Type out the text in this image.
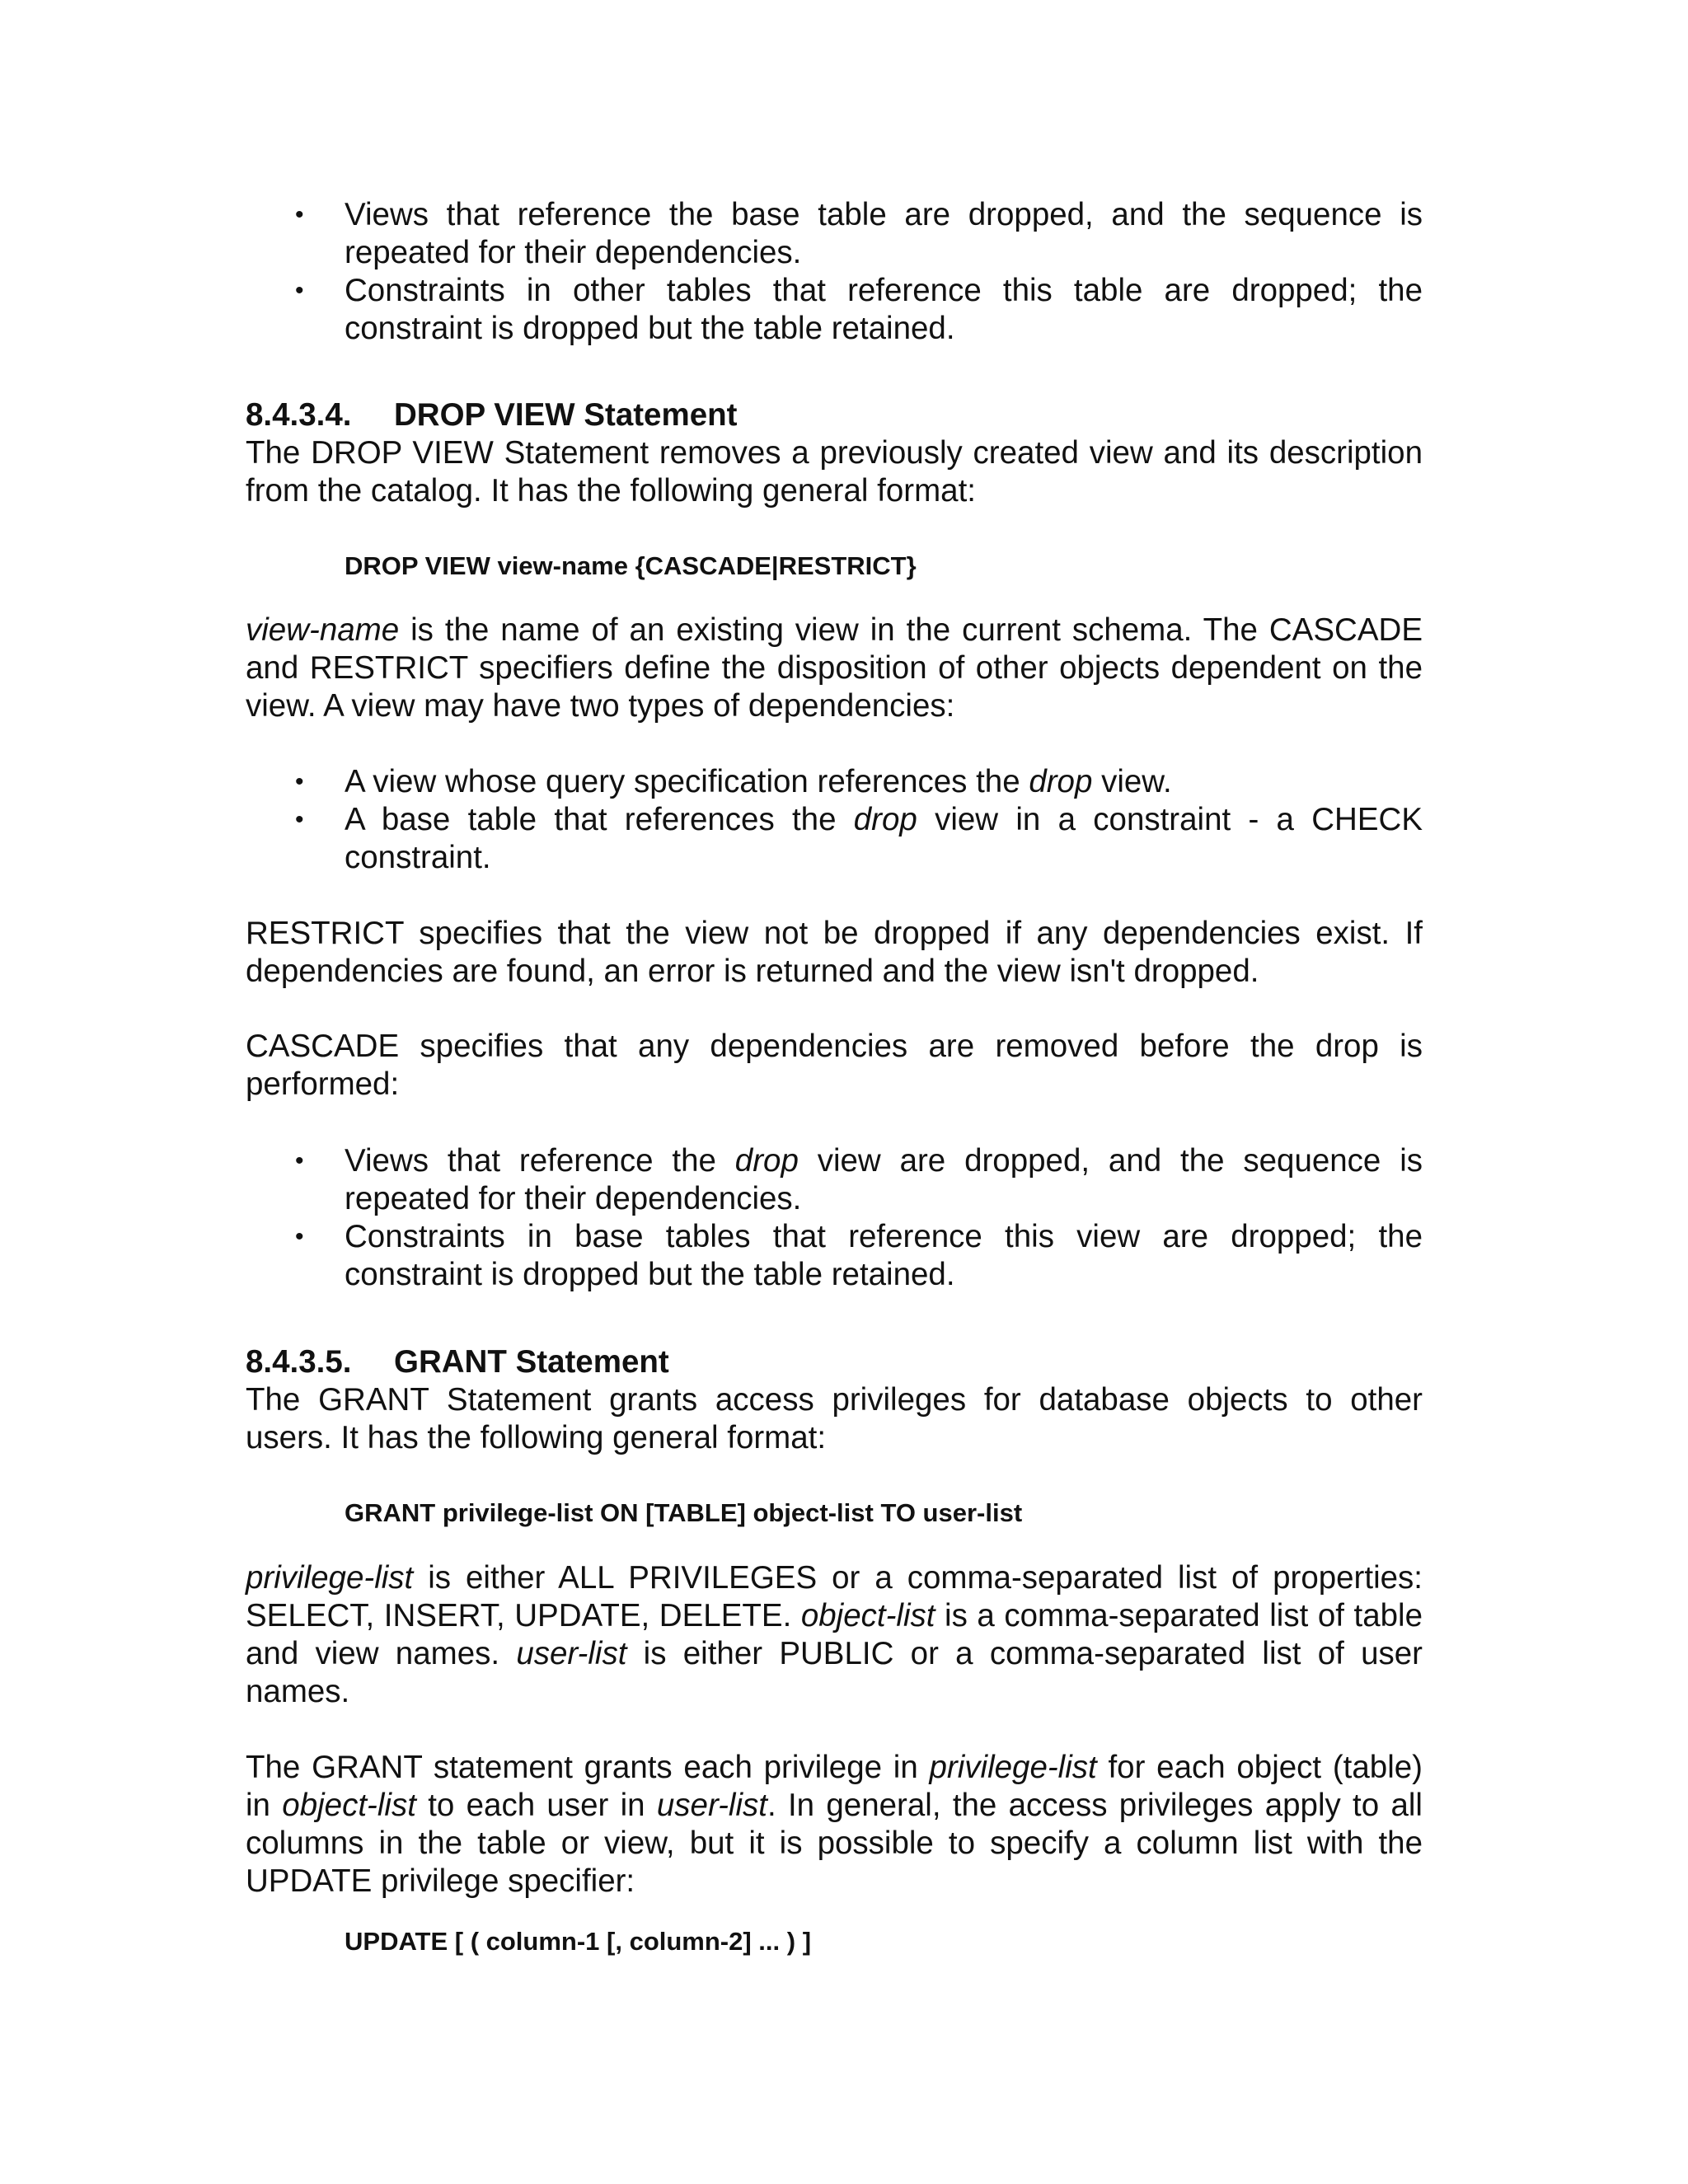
• Views that reference the base table are dropped, and the sequence is repeated for their dependencies.
• Constraints in other tables that reference this table are dropped; the constraint is dropped but the table retained.

8.4.3.4. DROP VIEW Statement

The DROP VIEW Statement removes a previously created view and its description from the catalog. It has the following general format:

DROP VIEW view-name {CASCADE|RESTRICT}

view-name is the name of an existing view in the current schema. The CASCADE and RESTRICT specifiers define the disposition of other objects dependent on the view. A view may have two types of dependencies:

• A view whose query specification references the drop view.
• A base table that references the drop view in a constraint - a CHECK constraint.

RESTRICT specifies that the view not be dropped if any dependencies exist. If dependencies are found, an error is returned and the view isn't dropped.

CASCADE specifies that any dependencies are removed before the drop is performed:

• Views that reference the drop view are dropped, and the sequence is repeated for their dependencies.
• Constraints in base tables that reference this view are dropped; the constraint is dropped but the table retained.

8.4.3.5. GRANT Statement

The GRANT Statement grants access privileges for database objects to other users. It has the following general format:

GRANT privilege-list ON [TABLE] object-list TO user-list

privilege-list is either ALL PRIVILEGES or a comma-separated list of properties: SELECT, INSERT, UPDATE, DELETE. object-list is a comma-separated list of table and view names. user-list is either PUBLIC or a comma-separated list of user names.

The GRANT statement grants each privilege in privilege-list for each object (table) in object-list to each user in user-list. In general, the access privileges apply to all columns in the table or view, but it is possible to specify a column list with the UPDATE privilege specifier:

UPDATE [ ( column-1 [, column-2] ... ) ]
